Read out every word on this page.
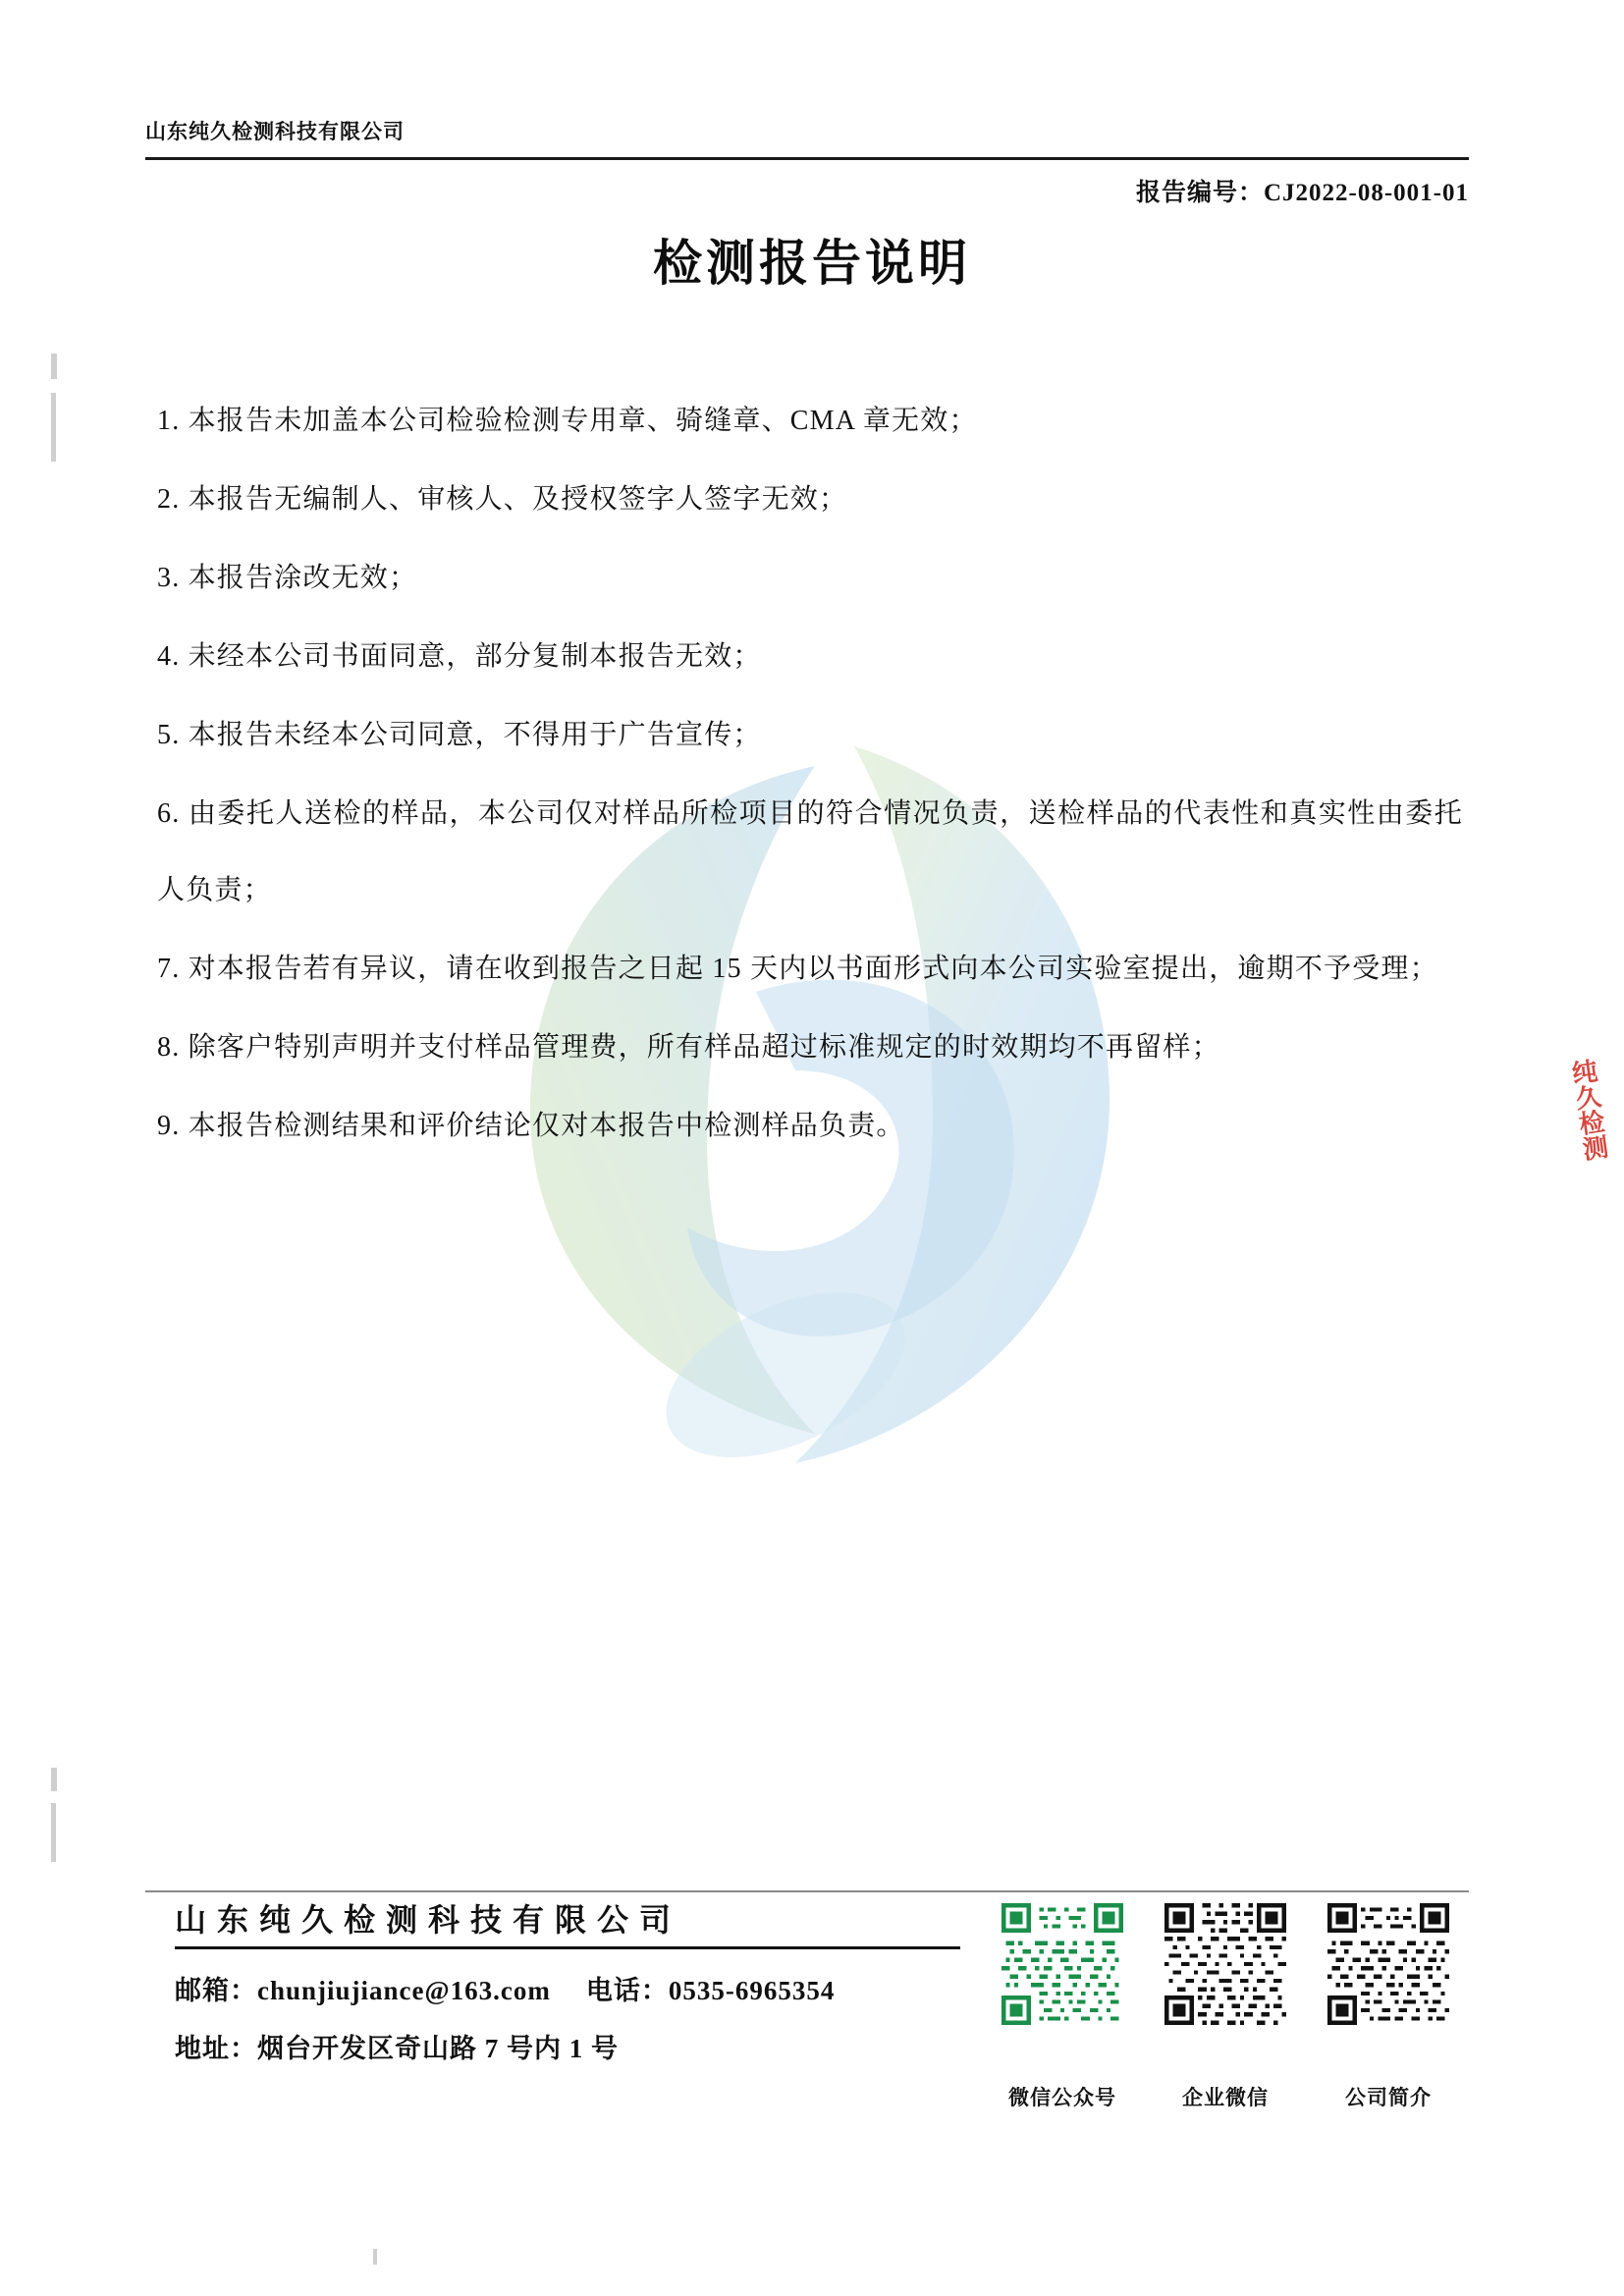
山东纯久检测科技有限公司
报告编号：CJ2022-08-001-01
检测报告说明

1. 本报告未加盖本公司检验检测专用章、骑缝章、CMA 章无效；

2. 本报告无编制人、审核人、及授权签字人签字无效；

3. 本报告涂改无效；

4. 未经本公司书面同意，部分复制本报告无效；

5. 本报告未经本公司同意，不得用于广告宣传；

6. 由委托人送检的样品，本公司仅对样品所检项目的符合情况负责，送检样品的代表性和真实性由委托人负责；

7. 对本报告若有异议，请在收到报告之日起 15 天内以书面形式向本公司实验室提出，逾期不予受理；

8. 除客户特别声明并支付样品管理费，所有样品超过标准规定的时效期均不再留样；

9. 本报告检测结果和评价结论仅对本报告中检测样品负责。	纯久检测
山东纯久检测科技有限公司
邮箱：chunjiujiance@163.com 电话：0535-6965354
地址：烟台开发区奇山路 7 号内 1 号
微信公众号	企业微信	公司简介
